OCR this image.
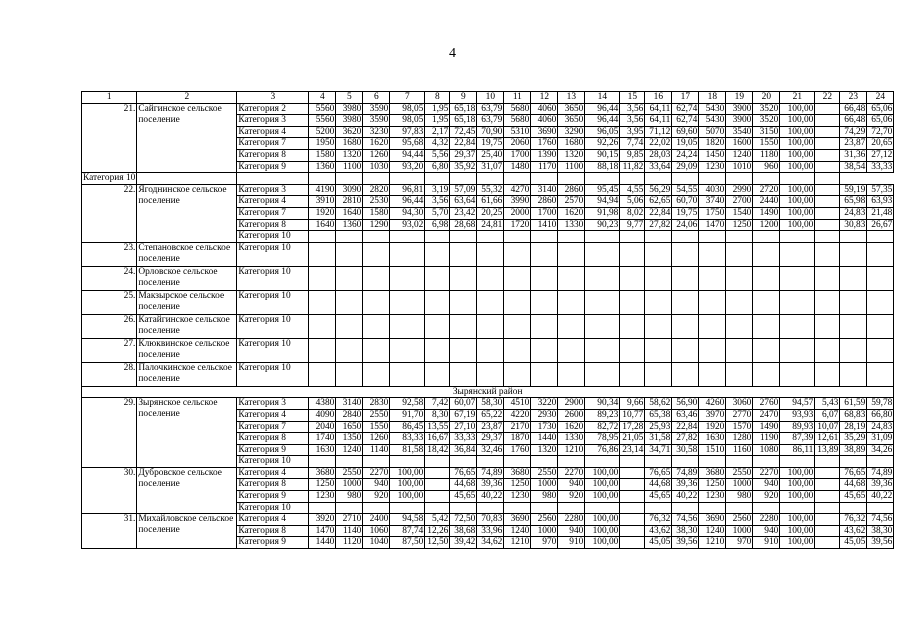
4
1	2	3	4	5	6	7	8	9	10	11	12	13	14	15	16	17	18	19	20	21	22	23	24
21.	Сайгинское сельское поселение	Категория 2	5560	3980	3590	98,05	1,95	65,18	63,79	5680	4060	3650	96,44	3,56	64,11	62,74	5430	3900	3520	100,00		66,48	65,06
		Категория 3	5560	3980	3590	98,05	1,95	65,18	63,79	5680	4060	3650	96,44	3,56	64,11	62,74	5430	3900	3520	100,00		66,48	65,06
		Категория 4	5200	3620	3230	97,83	2,17	72,45	70,90	5310	3690	3290	96,05	3,95	71,12	69,60	5070	3540	3150	100,00		74,29	72,70
		Категория 7	1950	1680	1620	95,68	4,32	22,84	19,75	2060	1760	1680	92,26	7,74	22,02	19,05	1820	1600	1550	100,00		23,87	20,65
		Категория 8	1580	1320	1260	94,44	5,56	29,37	25,40	1700	1390	1320	90,15	9,85	28,03	24,24	1450	1240	1180	100,00		31,36	27,12
		Категория 9	1360	1100	1030	93,20	6,80	35,92	31,07	1480	1170	1100	88,18	11,82	33,64	29,09	1230	1010	960	100,00		38,54	33,33
Категория 10																							
22.	Ягоднинское сельское поселение	Категория 3	4190	3090	2820	96,81	3,19	57,09	55,32	4270	3140	2860	95,45	4,55	56,29	54,55	4030	2990	2720	100,00		59,19	57,35
		Категория 4	3910	2810	2530	96,44	3,56	63,64	61,66	3990	2860	2570	94,94	5,06	62,65	60,70	3740	2700	2440	100,00		65,98	63,93
		Категория 7	1920	1640	1580	94,30	5,70	23,42	20,25	2000	1700	1620	91,98	8,02	22,84	19,75	1750	1540	1490	100,00		24,83	21,48
		Категория 8	1640	1360	1290	93,02	6,98	28,68	24,81	1720	1410	1330	90,23	9,77	27,82	24,06	1470	1250	1200	100,00		30,83	26,67
		Категория 10																					
23.	Степановское сельское поселение	Категория 10																					
24.	Орловское сельское поселение	Категория 10																					
25.	Макзырское сельское поселение	Категория 10																					
26.	Катайгинское сельское поселение	Категория 10																					
27.	Клюквинское сельское поселение	Категория 10																					
28.	Палочкинское сельское поселение	Категория 10																					
Зырянский район																							
29.	Зырянское сельское поселение	Категория 3	4380	3140	2830	92,58	7,42	60,07	58,30	4510	3220	2900	90,34	9,66	58,62	56,90	4260	3060	2760	94,57	5,43	61,59	59,78
		Категория 4	4090	2840	2550	91,70	8,30	67,19	65,22	4220	2930	2600	89,23	10,77	65,38	63,46	3970	2770	2470	93,93	6,07	68,83	66,80
		Категория 7	2040	1650	1550	86,45	13,55	27,10	23,87	2170	1730	1620	82,72	17,28	25,93	22,84	1920	1570	1490	89,93	10,07	28,19	24,83
		Категория 8	1740	1350	1260	83,33	16,67	33,33	29,37	1870	1440	1330	78,95	21,05	31,58	27,82	1630	1280	1190	87,39	12,61	35,29	31,09
		Категория 9	1630	1240	1140	81,58	18,42	36,84	32,46	1760	1320	1210	76,86	23,14	34,71	30,58	1510	1160	1080	86,11	13,89	38,89	34,26
		Категория 10																					
30.	Дубровское сельское поселение	Категория 4	3680	2550	2270	100,00		76,65	74,89	3680	2550	2270	100,00		76,65	74,89	3680	2550	2270	100,00		76,65	74,89
		Категория 8	1250	1000	940	100,00		44,68	39,36	1250	1000	940	100,00		44,68	39,36	1250	1000	940	100,00		44,68	39,36
		Категория 9	1230	980	920	100,00		45,65	40,22	1230	980	920	100,00		45,65	40,22	1230	980	920	100,00		45,65	40,22
		Категория 10																					
31.	Михайловское сельское поселение	Категория 4	3920	2710	2400	94,58	5,42	72,50	70,83	3690	2560	2280	100,00		76,32	74,56	3690	2560	2280	100,00		76,32	74,56
		Категория 8	1470	1140	1060	87,74	12,26	38,68	33,96	1240	1000	940	100,00		43,62	38,30	1240	1000	940	100,00		43,62	38,30
		Категория 9	1440	1120	1040	87,50	12,50	39,42	34,62	1210	970	910	100,00		45,05	39,56	1210	970	910	100,00		45,05	39,56
